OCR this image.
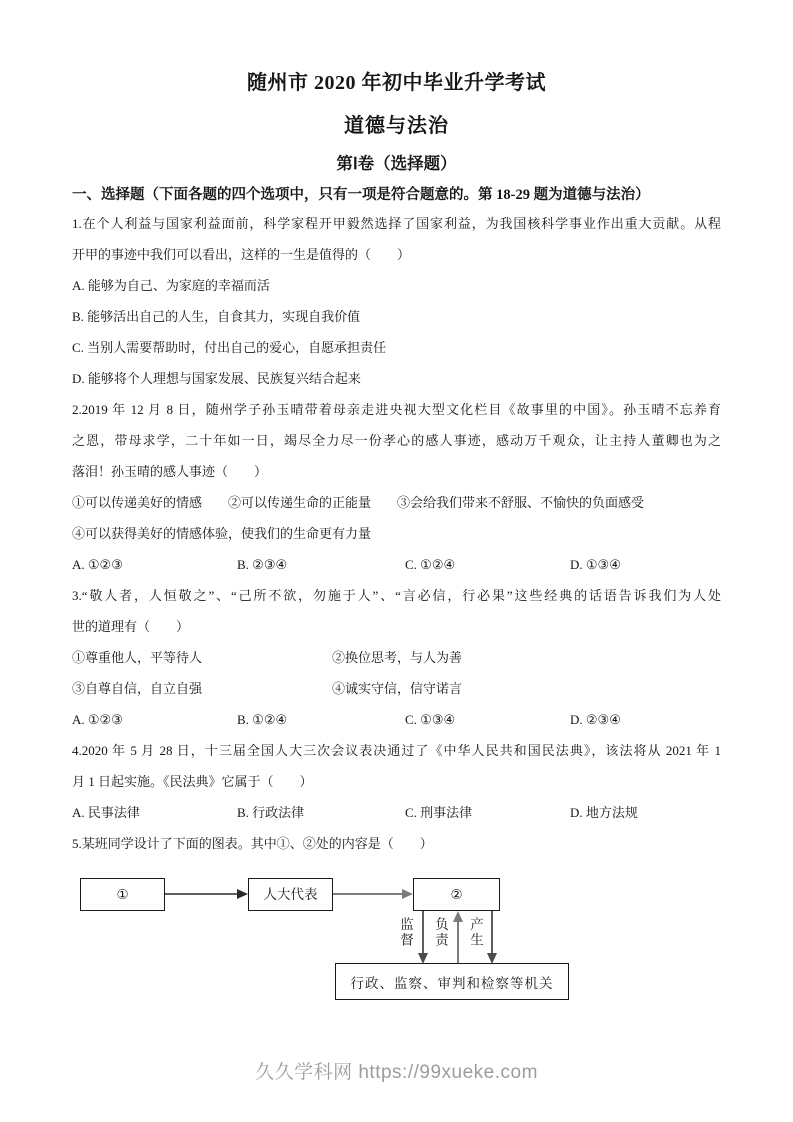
随州市 2020 年初中毕业升学考试
道德与法治
第Ⅰ卷（选择题）
一、选择题（下面各题的四个选项中，只有一项是符合题意的。第 18-29 题为道德与法治）
1.在个人利益与国家利益面前，科学家程开甲毅然选择了国家利益，为我国核科学事业作出重大贡献。从程
开甲的事迹中我们可以看出，这样的一生是值得的（　　）
A. 能够为自己、为家庭的幸福而活
B. 能够活出自己的人生，自食其力，实现自我价值
C. 当别人需要帮助时，付出自己的爱心，自愿承担责任
D. 能够将个人理想与国家发展、民族复兴结合起来
2.2019 年 12 月 8 日，随州学子孙玉晴带着母亲走进央视大型文化栏目《故事里的中国》。孙玉晴不忘养育
之恩，带母求学，二十年如一日，竭尽全力尽一份孝心的感人事迹，感动万千观众，让主持人董卿也为之
落泪！孙玉晴的感人事迹（　　）
①可以传递美好的情感　　②可以传递生命的正能量　　③会给我们带来不舒服、不愉快的负面感受
④可以获得美好的情感体验，使我们的生命更有力量
A. ①②③	B. ②③④	C. ①②④	D. ①③④
3.“敬人者，人恒敬之”、“己所不欲，勿施于人”、“言必信，行必果”这些经典的话语告诉我们为人处
世的道理有（　　）
①尊重他人，平等待人	②换位思考，与人为善
③自尊自信，自立自强	④诚实守信，信守诺言
A. ①②③	B. ①②④	C. ①③④	D. ②③④
4.2020 年 5 月 28 日，十三届全国人大三次会议表决通过了《中华人民共和国民法典》，该法将从 2021 年 1
月 1 日起实施。《民法典》它属于（　　）
A. 民事法律	B. 行政法律	C. 刑事法律	D. 地方法规
5.某班同学设计了下面的图表。其中①、②处的内容是（　　）
①	人大代表	②
监督 负责 产生
行政、监察、审判和检察等机关
久久学科网 https://99xueke.com
